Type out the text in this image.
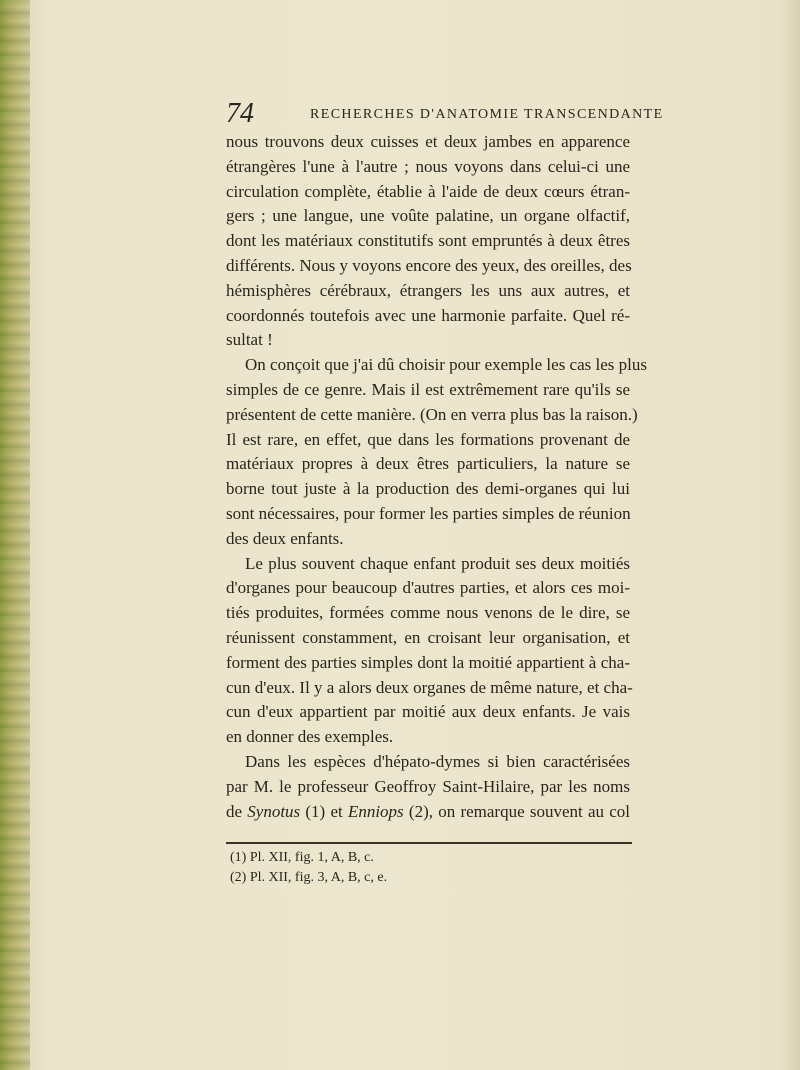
74	RECHERCHES D'ANATOMIE TRANSCENDANTE
nous trouvons deux cuisses et deux jambes en apparence
étrangères l'une à l'autre ; nous voyons dans celui-ci une
circulation complète, établie à l'aide de deux cœurs étran-
gers ; une langue, une voûte palatine, un organe olfactif,
dont les matériaux constitutifs sont empruntés à deux êtres
différents. Nous y voyons encore des yeux, des oreilles, des
hémisphères cérébraux, étrangers les uns aux autres, et
coordonnés toutefois avec une harmonie parfaite. Quel ré-
sultat !
On conçoit que j'ai dû choisir pour exemple les cas les plus
simples de ce genre. Mais il est extrêmement rare qu'ils se
présentent de cette manière. (On en verra plus bas la raison.)
Il est rare, en effet, que dans les formations provenant de
matériaux propres à deux êtres particuliers, la nature se
borne tout juste à la production des demi-organes qui lui
sont nécessaires, pour former les parties simples de réunion
des deux enfants.
Le plus souvent chaque enfant produit ses deux moitiés
d'organes pour beaucoup d'autres parties, et alors ces moi-
tiés produites, formées comme nous venons de le dire, se
réunissent constamment, en croisant leur organisation, et
forment des parties simples dont la moitié appartient à cha-
cun d'eux. Il y a alors deux organes de même nature, et cha-
cun d'eux appartient par moitié aux deux enfants. Je vais
en donner des exemples.
Dans les espèces d'hépato-dymes si bien caractérisées
par M. le professeur Geoffroy Saint-Hilaire, par les noms
de Synotus (1) et Enniops (2), on remarque souvent au col
(1) Pl. XII, fig. 1, A, B, c.
(2) Pl. XII, fig. 3, A, B, c, e.
